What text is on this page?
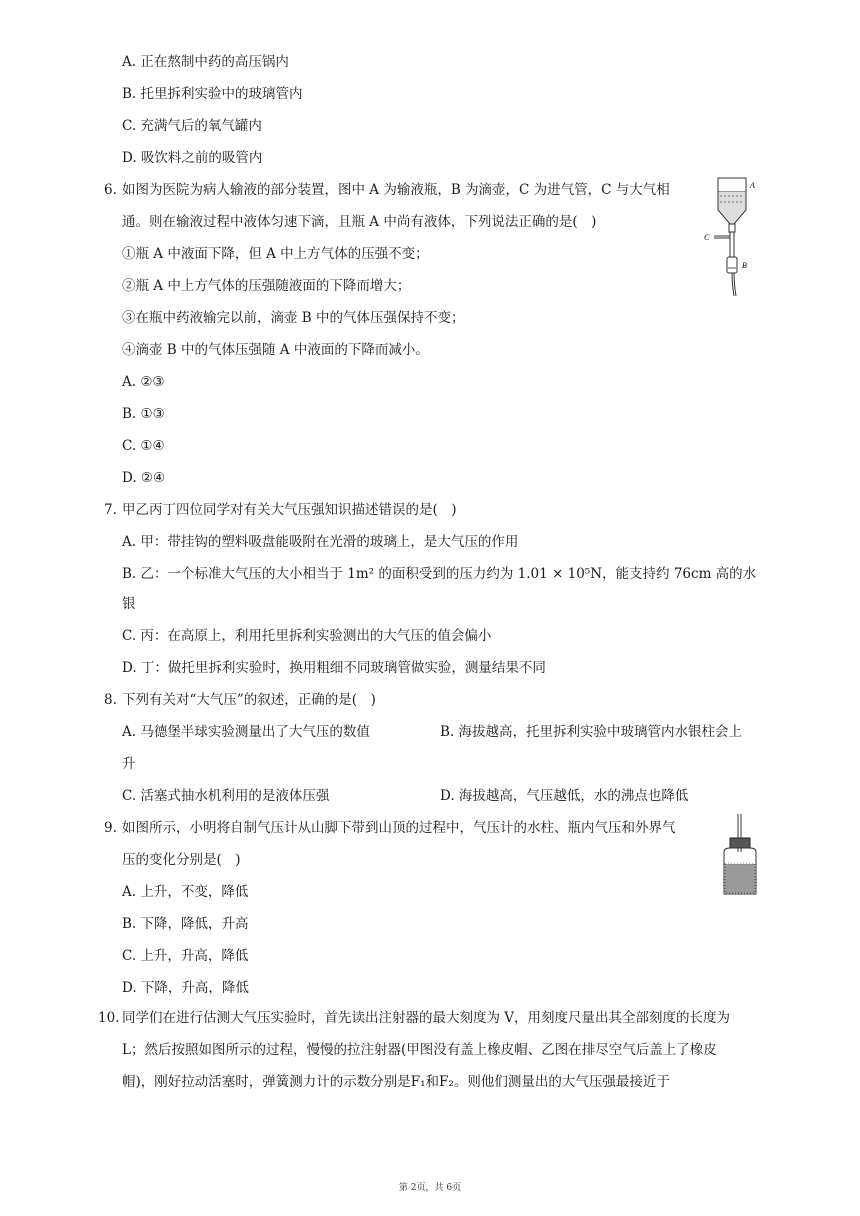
A. 正在熬制中药的高压锅内
B. 托里拆利实验中的玻璃管内
C. 充满气后的氧气罐内
D. 吸饮料之前的吸管内
6. 如图为医院为病人输液的部分装置，图中 A 为输液瓶，B 为滴壶，C 为进气管，C 与大气相
通。则在输液过程中液体匀速下滴，且瓶 A 中尚有液体，下列说法正确的是(　)
①瓶 A 中液面下降，但 A 中上方气体的压强不变；
②瓶 A 中上方气体的压强随液面的下降而增大；
③在瓶中药液输完以前，滴壶 B 中的气体压强保持不变；
④滴壶 B 中的气体压强随 A 中液面的下降而减小。
A. ②③
B. ①③
C. ①④
D. ②④
A
C
B
7. 甲乙丙丁四位同学对有关大气压强知识描述错误的是(　)
A. 甲：带挂钩的塑料吸盘能吸附在光滑的玻璃上，是大气压的作用
B. 乙：一个标准大气压的大小相当于 1m² 的面积受到的压力约为 1.01 × 10⁵N，能支持约 76cm 高的水
银
C. 丙：在高原上，利用托里拆利实验测出的大气压的值会偏小
D. 丁：做托里拆利实验时，换用粗细不同玻璃管做实验，测量结果不同
8. 下列有关对“大气压”的叙述，正确的是(　)
A. 马德堡半球实验测量出了大气压的数值	B. 海拔越高，托里拆利实验中玻璃管内水银柱会上
升
C. 活塞式抽水机利用的是液体压强	D. 海拔越高，气压越低，水的沸点也降低
9. 如图所示，小明将自制气压计从山脚下带到山顶的过程中，气压计的水柱、瓶内气压和外界气
压的变化分别是(　)
A. 上升，不变，降低
B. 下降，降低，升高
C. 上升，升高，降低
D. 下降，升高，降低
10. 同学们在进行估测大气压实验时，首先读出注射器的最大刻度为 V，用刻度尺量出其全部刻度的长度为
L；然后按照如图所示的过程，慢慢的拉注射器(甲图没有盖上橡皮帽、乙图在排尽空气后盖上了橡皮
帽)，刚好拉动活塞时，弹簧测力计的示数分别是F₁和F₂。则他们测量出的大气压强最接近于
第 2页，共 6页
